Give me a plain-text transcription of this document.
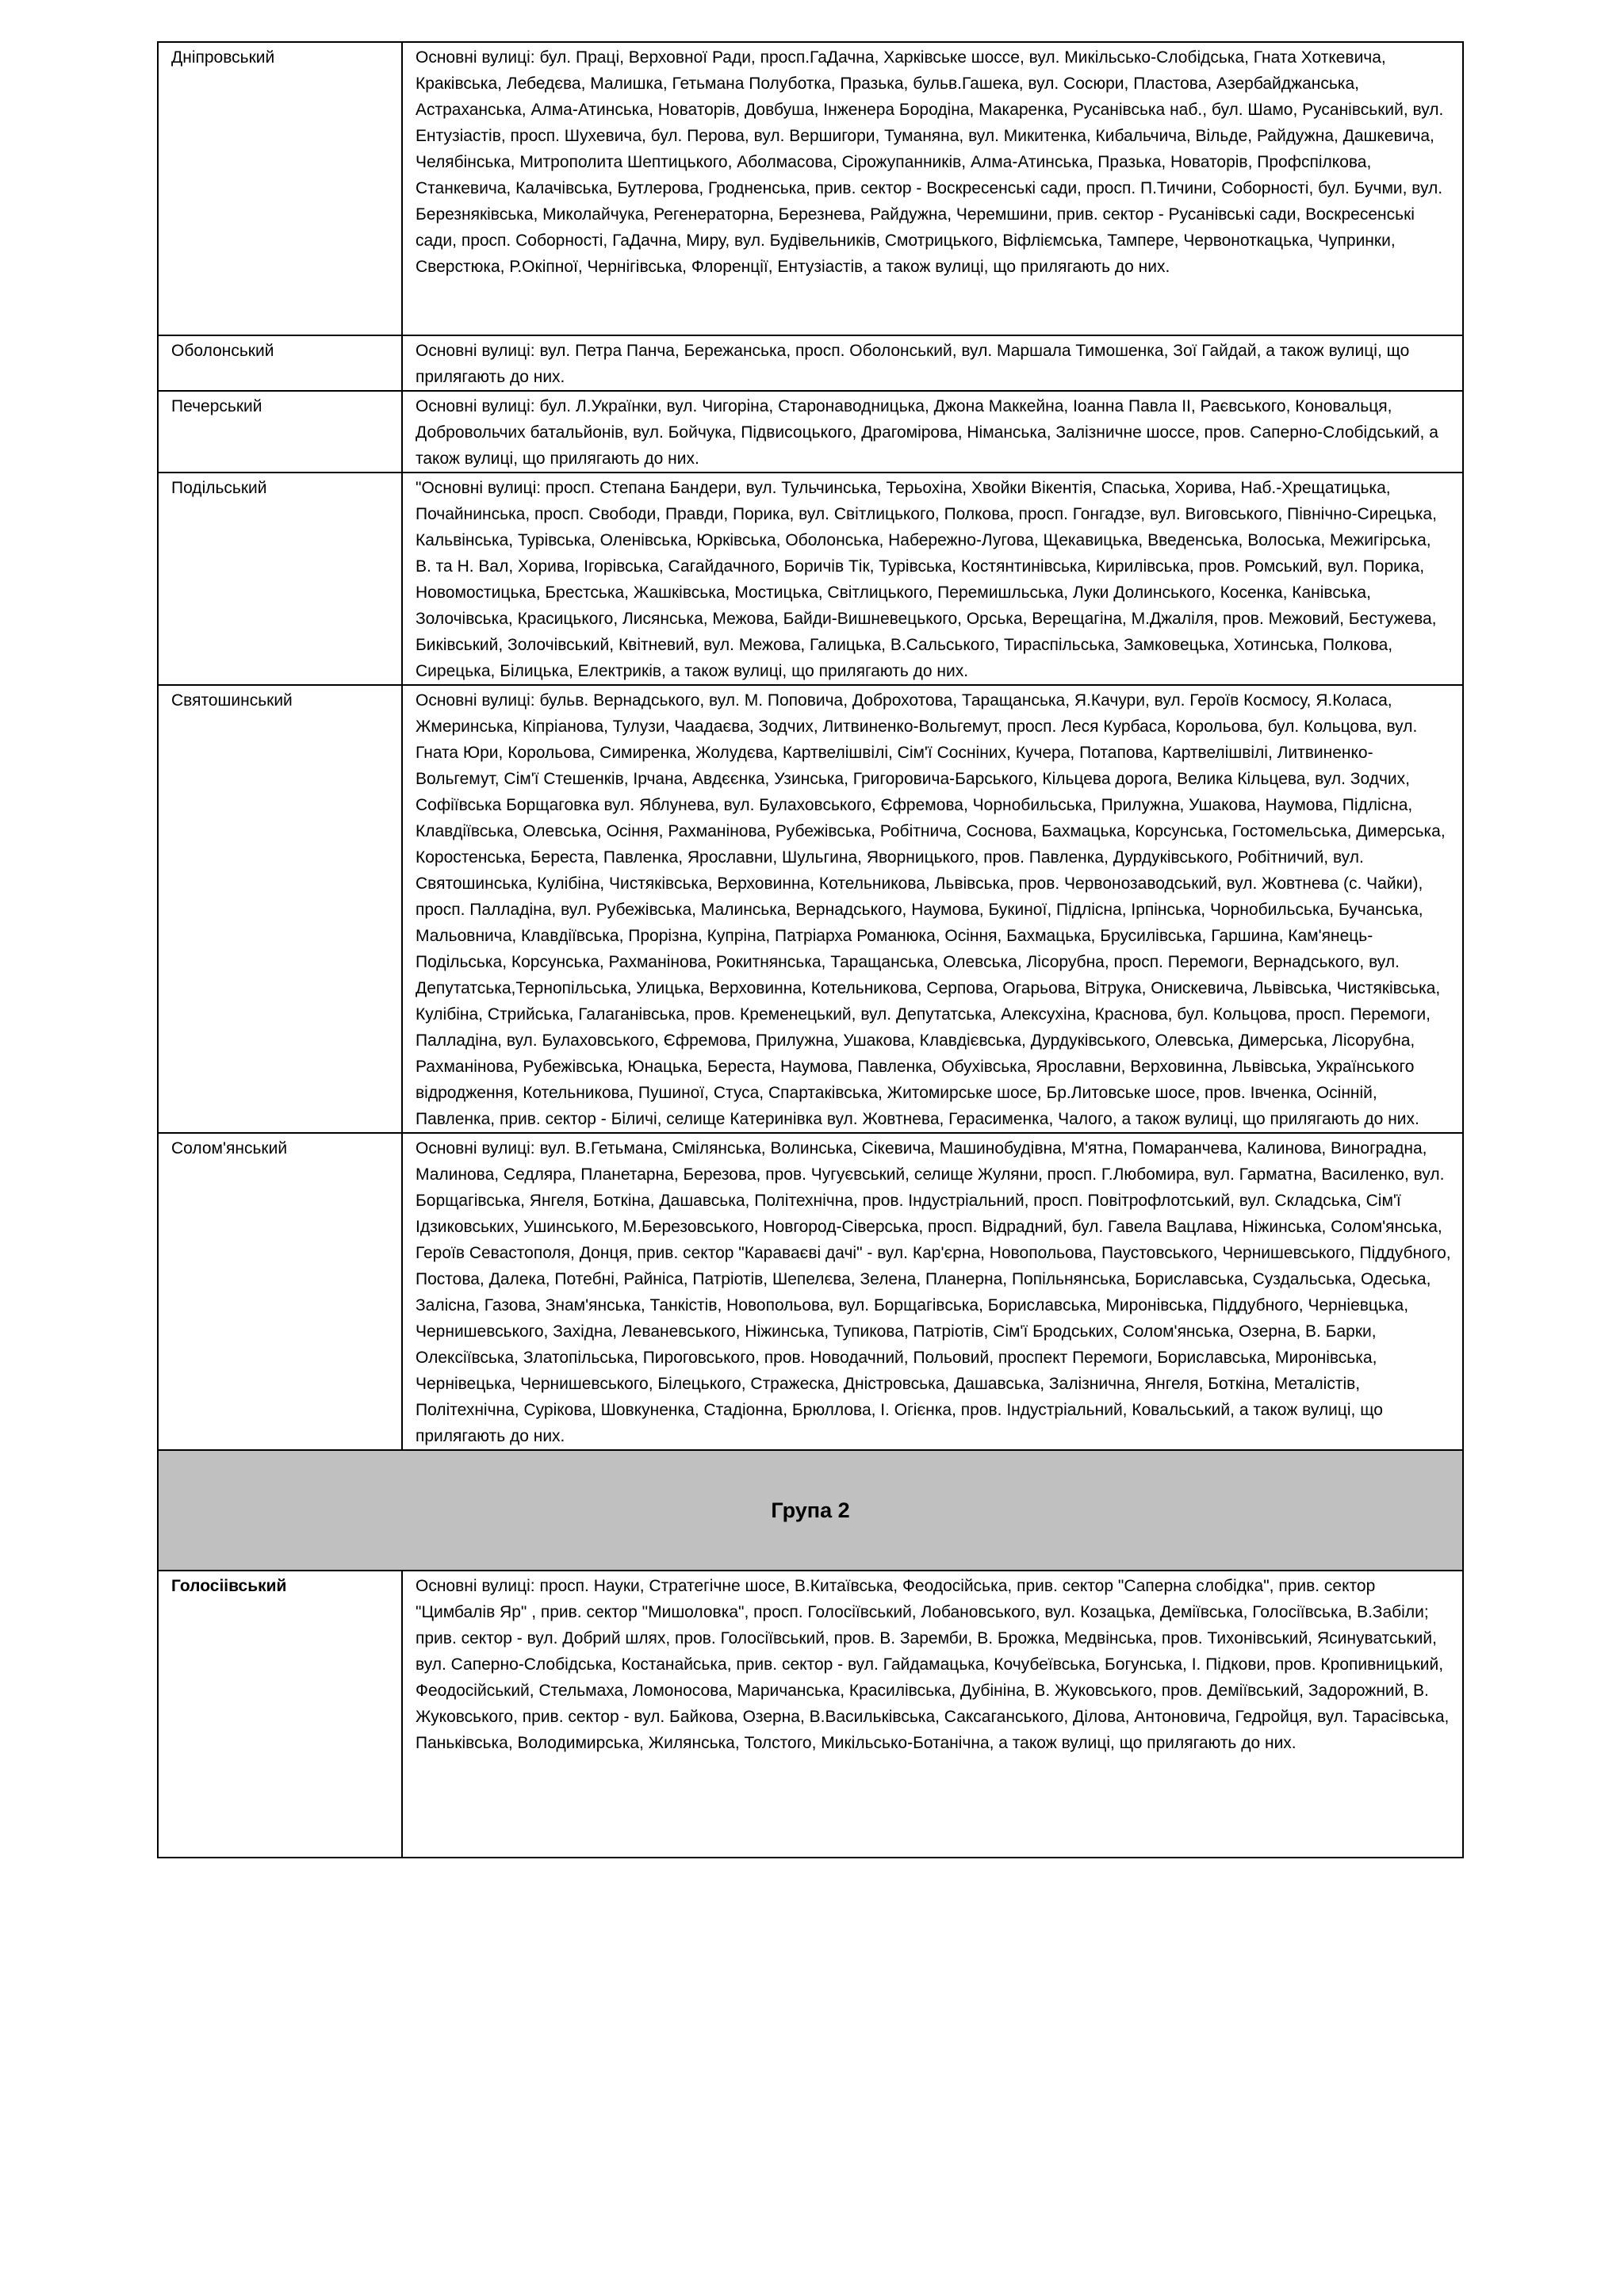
Дніпровський	Основні вулиці: бул. Праці, Верховної Ради, просп.ГаДачна, Харківське шоссе, вул. Микільсько-Слобідська, Гната Хоткевича, Краківська, Лебедєва, Малишка, Гетьмана Полуботка, Празька, бульв.Гашека, вул. Сосюри, Пластова, Азербайджанська, Астраханська, Алма-Атинська, Новаторів, Довбуша, Інженера Бородіна, Макаренка, Русанівська наб., бул. Шамо, Русанівський, вул. Ентузіастів, просп. Шухевича, бул. Перова, вул. Вершигори, Туманяна, вул. Микитенка, Кибальчича, Вільде, Райдужна, Дашкевича, Челябінська, Митрополита Шептицького, Аболмасова, Сірожупанників, Алма-Атинська, Празька, Новаторів, Профспілкова, Станкевича, Калачівська, Бутлерова, Гродненська, прив. сектор - Воскресенські сади, просп. П.Тичини, Соборності, бул. Бучми, вул. Березняківська, Миколайчука, Регенераторна, Березнева, Райдужна, Черемшини, прив. сектор - Русанівські сади, Воскресенські сади, просп. Соборності, ГаДачна, Миру, вул. Будівельників, Смотрицького, Віфліємська, Тампере, Червоноткацька, Чупринки, Сверстюка, Р.Окіпної, Чернігівська, Флоренції, Ентузіастів, а також вулиці, що прилягають до них.
Оболонський	Основні вулиці: вул. Петра Панча, Бережанська, просп. Оболонський, вул. Маршала Тимошенка, Зої Гайдай, а також вулиці, що прилягають до них.
Печерський	Основні вулиці: бул. Л.Українки, вул. Чигоріна, Старонаводницька, Джона Маккейна, Іоанна Павла ІІ, Раєвського, Коновальця, Добровольчих батальйонів, вул. Бойчука, Підвисоцького, Драгомірова, Німанська, Залізничне шоссе, пров. Саперно-Слобідський, а також вулиці, що прилягають до них.
Подільський	"Основні вулиці: просп. Степана Бандери, вул. Тульчинська, Терьохіна, Хвойки Вікентія, Спаська, Хорива, Наб.-Хрещатицька, Почайнинська, просп. Свободи, Правди, Порика, вул. Світлицького, Полкова, просп. Гонгадзе, вул. Виговського, Північно-Сирецька, Кальвінська, Турівська, Оленівська, Юрківська, Оболонська, Набережно-Лугова, Щекавицька, Введенська, Волоська, Межигірська, В. та Н. Вал, Хорива, Ігорівська, Сагайдачного, Боричів Тік, Турівська, Костянтинівська, Кирилівська, пров. Ромський, вул. Порика, Новомостицька, Брестська, Жашківська, Мостицька, Світлицького, Перемишльська, Луки Долинського, Косенка, Канівська, Золочівська, Красицького, Лисянська, Межова, Байди-Вишневецького, Орська, Верещагіна, М.Джаліля, пров. Межовий, Бестужева, Биківський, Золочівський, Квітневий, вул. Межова, Галицька, В.Сальського, Тираспільська, Замковецька, Хотинська, Полкова, Сирецька, Білицька, Електриків, а також вулиці, що прилягають до них.
Святошинський	Основні вулиці: бульв. Вернадського, вул. М. Поповича, Доброхотова, Таращанська, Я.Качури, вул. Героїв Космосу, Я.Коласа, Жмеринська, Кіпріанова, Тулузи, Чаадаєва, Зодчих, Литвиненко-Вольгемут, просп. Леся Курбаса, Корольова, бул. Кольцова, вул. Гната Юри, Корольова, Симиренка, Жолудєва, Картвелішвілі, Сім'ї Сосніних, Кучера, Потапова, Картвелішвілі, Литвиненко-Вольгемут, Сім'ї Стешенків, Ірчана, Авдєєнка, Узинська, Григоровича-Барського, Кільцева дорога, Велика Кільцева, вул. Зодчих, Софіївська Борщаговка вул. Яблунева, вул. Булаховського, Єфремова, Чорнобильська, Прилужна, Ушакова, Наумова, Підлісна, Клавдіївська, Олевська, Осіння, Рахманінова, Рубежівська, Робітнича, Соснова, Бахмацька, Корсунська, Гостомельська, Димерська, Коростенська, Береста, Павленка, Ярославни, Шульгина, Яворницького, пров. Павленка, Дурдуківського, Робітничий, вул. Святошинська, Кулібіна, Чистяківська, Верховинна, Котельникова, Львівська, пров. Червонозаводський, вул. Жовтнева (с. Чайки), просп. Палладіна, вул. Рубежівська, Малинська, Вернадського, Наумова, Букиної, Підлісна, Ірпінська, Чорнобильська, Бучанська, Мальовнича, Клавдіївська, Прорізна, Купріна, Патріарха Романюка, Осіння, Бахмацька, Брусилівська, Гаршина, Кам'янець-Подільська, Корсунська, Рахманінова, Рокитнянська, Таращанська, Олевська, Лісорубна, просп. Перемоги, Вернадського, вул. Депутатська,Тернопільська, Улицька, Верховинна, Котельникова, Серпова, Огарьова, Вітрука, Онискевича, Львівська, Чистяківська, Кулібіна, Стрийська, Галаганівська, пров. Кременецький, вул. Депутатська, Алексухіна, Краснова, бул. Кольцова, просп. Перемоги, Палладіна, вул. Булаховського, Єфремова, Прилужна, Ушакова, Клавдієвська, Дурдуківського, Олевська, Димерська, Лісорубна, Рахманінова, Рубежівська, Юнацька, Береста, Наумова, Павленка, Обухівська, Ярославни, Верховинна, Львівська, Українського відродження, Котельникова, Пушиної, Стуса, Спартаківська, Житомирське шосе, Бр.Литовське шосе, пров. Івченка, Осінній, Павленка, прив. сектор - Біличі, селище Катеринівка вул. Жовтнева, Герасименка, Чалого, а також вулиці, що прилягають до них.
Солом'янський	Основні вулиці: вул. В.Гетьмана, Смілянська, Волинська, Сікевича, Машинобудівна, М'ятна, Помаранчева, Калинова, Виноградна, Малинова, Седляра, Планетарна, Березова, пров. Чугуєвський, селище Жуляни, просп. Г.Любомира, вул. Гарматна, Василенко, вул. Борщагівська, Янгеля, Боткіна, Дашавська, Політехнічна, пров. Індустріальний, просп. Повітрофлотський, вул. Складська, Сім'ї Ідзиковських, Ушинського, М.Березовського, Новгород-Сіверська, просп. Відрадний, бул. Гавела Вацлава, Ніжинська, Солом'янська, Героїв Севастополя, Донця, прив. сектор "Караваєві дачі" - вул. Кар'єрна, Новопольова, Паустовського, Чернишевського, Піддубного, Постова, Далека, Потебні, Райніса, Патріотів, Шепелєва, Зелена, Планерна, Попільнянська, Бориславська, Суздальська, Одеська, Залісна, Газова, Знам'янська, Танкістів, Новопольова, вул. Борщагівська, Бориславська, Миронівська, Піддубного, Черніевцька, Чернишевського, Західна, Леваневського, Ніжинська, Тупикова, Патріотів, Сім'ї Бродських, Солом'янська, Озерна, В. Барки, Олексіївська, Златопільська, Пироговського, пров. Новодачний, Польовий, проспект Перемоги, Бориславська, Миронівська, Чернівецька, Чернишевського, Білецького, Стражеска, Дністровська, Дашавська, Залізнична, Янгеля, Боткіна, Металістів, Політехнічна, Сурікова, Шовкуненка, Стадіонна, Брюллова, І. Огієнка, пров. Індустріальний, Ковальський, а також вулиці, що прилягають до них.
Група 2	
Голосіівський	Основні вулиці: просп. Науки, Стратегічне шосе, В.Китаївська, Феодосійська, прив. сектор "Саперна слобідка", прив. сектор "Цимбалів Яр" , прив. сектор "Мишоловка", просп. Голосіївський, Лобановського, вул. Козацька, Деміївська, Голосіївська, В.Забіли; прив. сектор - вул. Добрий шлях, пров. Голосіївський, пров. В. Заремби, В. Брожка, Медвінська, пров. Тихонівський, Ясинуватський, вул. Саперно-Слобідська, Костанайська, прив. сектор - вул. Гайдамацька, Кочубеївська, Богунська, І. Підкови, пров. Кропивницький, Феодосійський, Стельмаха, Ломоносова, Маричанська, Красилівська, Дубініна, В. Жуковського, пров. Деміївський, Задорожний, В. Жуковського, прив. сектор - вул. Байкова, Озерна, В.Васильківська, Саксаганського, Ділова, Антоновича, Гедройця, вул. Тарасівська, Паньківська, Володимирська, Жилянська, Толстого, Микільсько-Ботанічна, а також вулиці, що прилягають до них.
